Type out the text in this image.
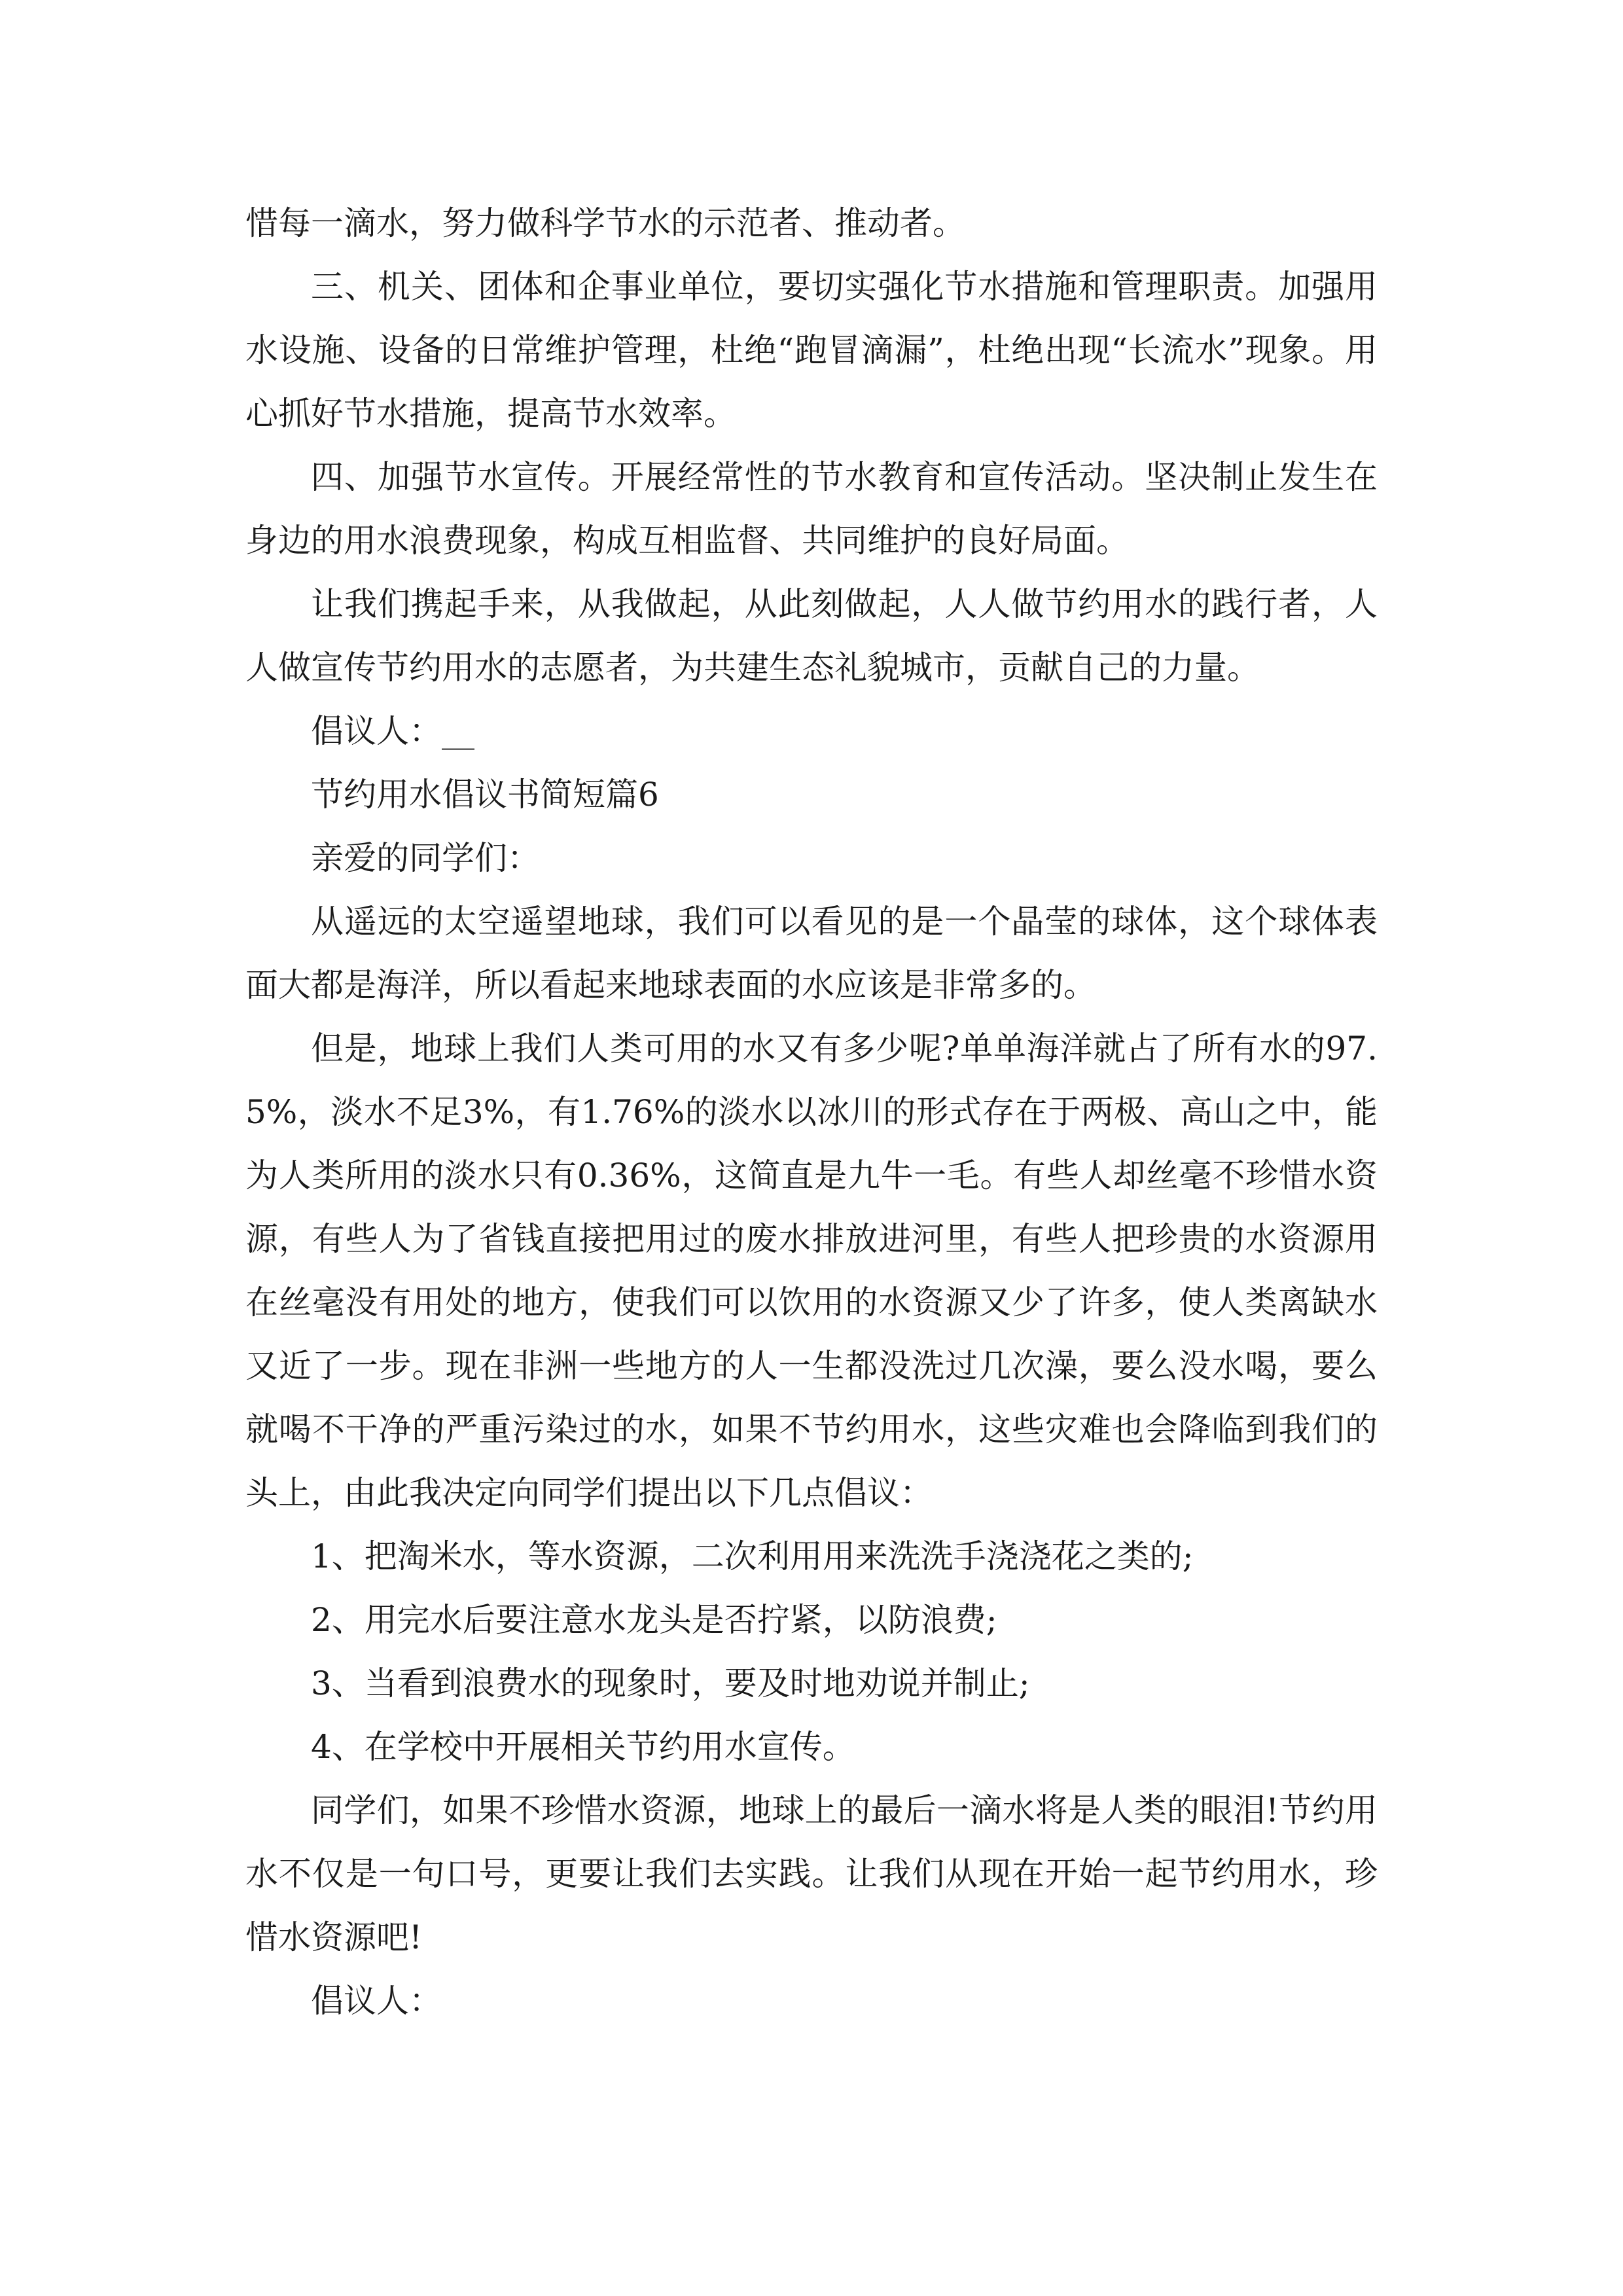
惜每一滴水，努力做科学节水的示范者、推动者。

三、机关、团体和企事业单位，要切实强化节水措施和管理职责。加强用水设施、设备的日常维护管理，杜绝“跑冒滴漏”，杜绝出现“长流水”现象。用心抓好节水措施，提高节水效率。

四、加强节水宣传。开展经常性的节水教育和宣传活动。坚决制止发生在身边的用水浪费现象，构成互相监督、共同维护的良好局面。

让我们携起手来，从我做起，从此刻做起，人人做节约用水的践行者，人人做宣传节约用水的志愿者，为共建生态礼貌城市，贡献自己的力量。

倡议人：__

节约用水倡议书简短篇6

亲爱的同学们：

从遥远的太空遥望地球，我们可以看见的是一个晶莹的球体，这个球体表面大都是海洋，所以看起来地球表面的水应该是非常多的。

但是，地球上我们人类可用的水又有多少呢?单单海洋就占了所有水的97.5%，淡水不足3%，有1.76%的淡水以冰川的形式存在于两极、高山之中，能为人类所用的淡水只有0.36%，这简直是九牛一毛。有些人却丝毫不珍惜水资源，有些人为了省钱直接把用过的废水排放进河里，有些人把珍贵的水资源用在丝毫没有用处的地方，使我们可以饮用的水资源又少了许多，使人类离缺水又近了一步。现在非洲一些地方的人一生都没洗过几次澡，要么没水喝，要么就喝不干净的严重污染过的水，如果不节约用水，这些灾难也会降临到我们的头上，由此我决定向同学们提出以下几点倡议：

1、把淘米水，等水资源，二次利用用来洗洗手浇浇花之类的;

2、用完水后要注意水龙头是否拧紧，以防浪费;

3、当看到浪费水的现象时，要及时地劝说并制止;

4、在学校中开展相关节约用水宣传。

同学们，如果不珍惜水资源，地球上的最后一滴水将是人类的眼泪!节约用水不仅是一句口号，更要让我们去实践。让我们从现在开始一起节约用水，珍惜水资源吧!

倡议人：
